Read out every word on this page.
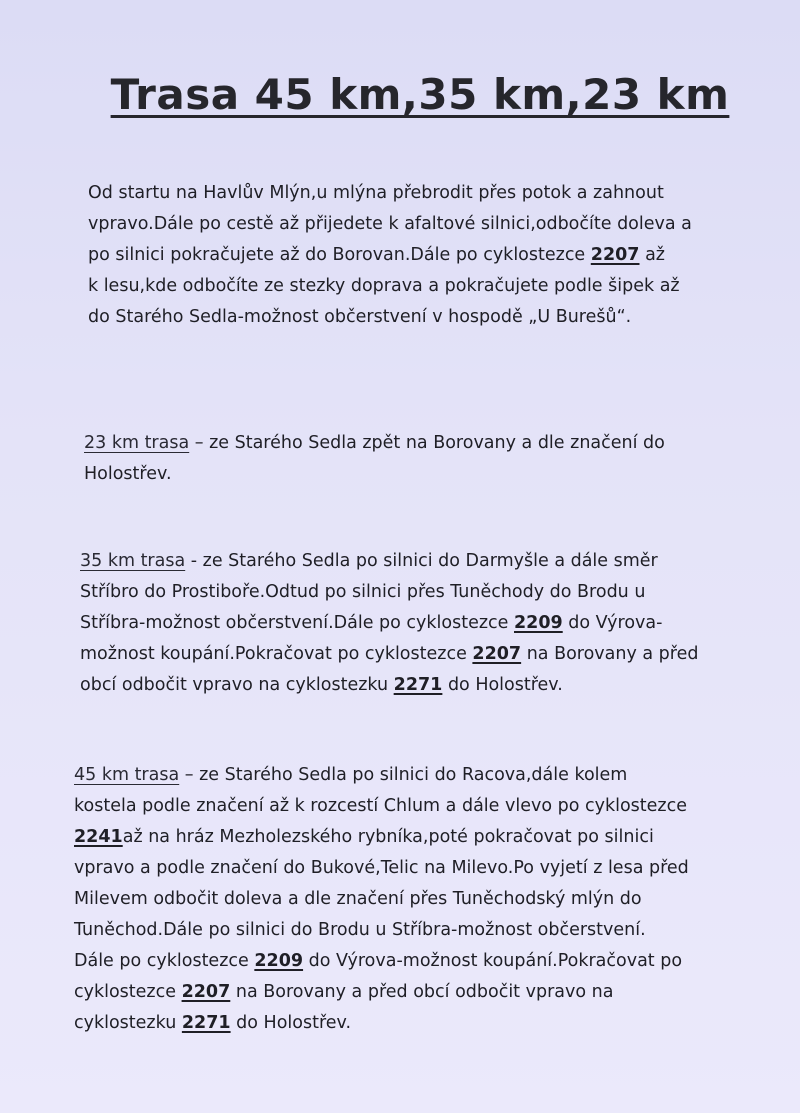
Trasa 45 km,35 km,23 km
Od startu na Havlův Mlýn,u mlýna přebrodit přes potok a zahnout
vpravo.Dále po cestě až přijedete k afaltové silnici,odbočíte doleva a
po silnici pokračujete až do Borovan.Dále po cyklostezce 2207 až
k lesu,kde odbočíte ze stezky doprava a pokračujete podle šipek až
do Starého Sedla-možnost občerstvení v hospodě „U Burešů“.
23 km trasa – ze Starého Sedla zpět na Borovany a dle značení do
Holostřev.
35 km trasa - ze Starého Sedla po silnici do Darmyšle a dále směr
Stříbro do Prostiboře.Odtud po silnici přes Tuněchody do Brodu u
Stříbra-možnost občerstvení.Dále po cyklostezce 2209 do Výrova-
možnost koupání.Pokračovat po cyklostezce 2207 na Borovany a před
obcí odbočit vpravo na cyklostezku 2271 do Holostřev.
45 km trasa – ze Starého Sedla po silnici do Racova,dále kolem
kostela podle značení až k rozcestí Chlum a dále vlevo po cyklostezce
2241až na hráz Mezholezského rybníka,poté pokračovat po silnici
vpravo a podle značení do Bukové,Telic na Milevo.Po vyjetí z lesa před
Milevem odbočit doleva a dle značení přes Tuněchodský mlýn do
Tuněchod.Dále po silnici do Brodu u Stříbra-možnost občerstvení.
Dále po cyklostezce 2209 do Výrova-možnost koupání.Pokračovat po
cyklostezce 2207 na Borovany a před obcí odbočit vpravo na
cyklostezku 2271 do Holostřev.
